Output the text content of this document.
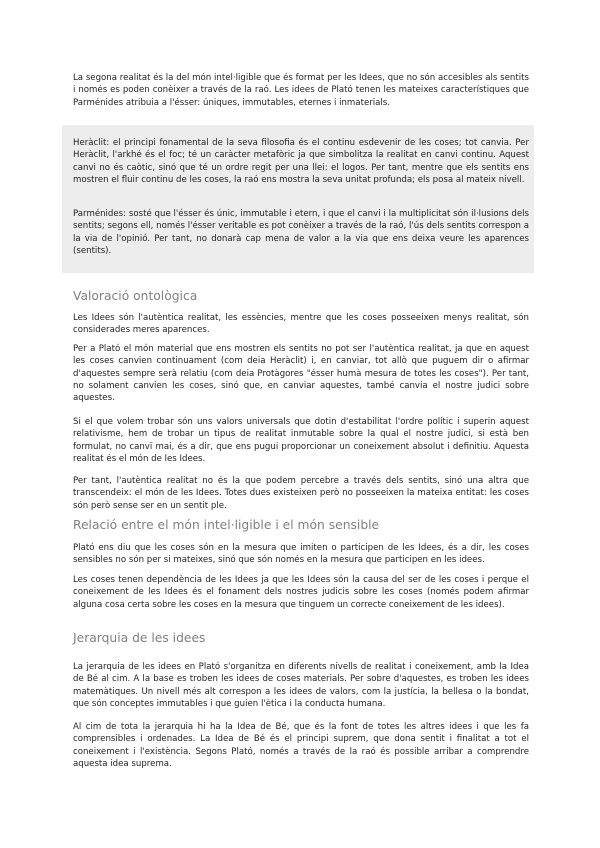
La segona realitat és la del món intel·ligible que és format per les Idees, que no són accesibles als sentits i només es poden conèixer a través de la raó. Les idees de Plató tenen les mateixes característiques que Parménides atribuia a l'ésser: úniques, immutables, eternes i inmaterials.

Heràclit: el principi fonamental de la seva filosofia és el continu esdevenir de les coses; tot canvia. Per Heràclit, l'arkhé és el foc; té un caràcter metafòric ja que simbolitza la realitat en canvi continu. Aquest canvi no és caòtic, sinó que té un ordre regit per una llei: el logos. Per tant, mentre que els sentits ens mostren el fluir continu de les coses, la raó ens mostra la seva unitat profunda; els posa al mateix nivell.

Parménides: sosté que l'ésser és únic, immutable i etern, i que el canvi i la multiplicitat són il·lusions dels sentits; segons ell, només l'ésser veritable es pot conèixer a través de la raó, l'ús dels sentits correspon a la via de l'opinió. Per tant, no donarà cap mena de valor a la via que ens deixa veure les aparences (sentits).

Valoració ontològica

Les Idees són l'autèntica realitat, les essències, mentre que les coses posseeixen menys realitat, són considerades meres aparences.

Per a Plató el món material que ens mostren els sentits no pot ser l'autèntica realitat, ja que en aquest les coses canvien continuament (com deia Heràclit) i, en canviar, tot allò que puguem dir o afirmar d'aquestes sempre serà relatiu (com deia Protàgores "ésser humà mesura de totes les coses"). Per tant, no solament canvien les coses, sinó que, en canviar aquestes, també canvia el nostre judici sobre aquestes.

Si el que volem trobar són uns valors universals que dotin d'estabilitat l'ordre polític i superin aquest relativisme, hem de trobar un tipus de realitat inmutable sobre la qual el nostre judici, si està ben formulat, no canvï mai, és a dir, que ens pugui proporcionar un coneixement absolut i definitiu. Aquesta realitat és el món de les Idees.

Per tant, l'autèntica realitat no és la que podem percebre a través dels sentits, sinó una altra que transcendeix: el món de les Idees. Totes dues existeixen però no posseeixen la mateixa entitat: les coses són però sense ser en un sentit ple.

Relació entre el món intel·ligible i el món sensible

Plató ens diu que les coses són en la mesura que imiten o participen de les Idees, és a dir, les coses sensibles no són per si mateixes, sinó que són només en la mesura que participen en les idees.

Les coses tenen dependència de les Idees ja que les Idees són la causa del ser de les coses i perque el coneixement de les Idees és el fonament dels nostres judicis sobre les coses (només podem afirmar alguna cosa certa sobre les coses en la mesura que tinguem un correcte coneixement de les idees).

Jerarquia de les idees

La jerarquia de les idees en Plató s'organitza en diferents nivells de realitat i coneixement, amb la Idea de Bé al cim. A la base es troben les idees de coses materials. Per sobre d'aquestes, es troben les idees matemàtiques. Un nivell més alt correspon a les idees de valors, com la justícia, la bellesa o la bondat, que són conceptes immutables i que guien l'ètica i la conducta humana.

Al cim de tota la jerarquia hi ha la Idea de Bé, que és la font de totes les altres idees i que les fa comprensibles i ordenades. La Idea de Bé és el principi suprem, que dona sentit i finalitat a tot el coneixement i l'existència. Segons Plató, només a través de la raó és possible arribar a comprendre aquesta idea suprema.
